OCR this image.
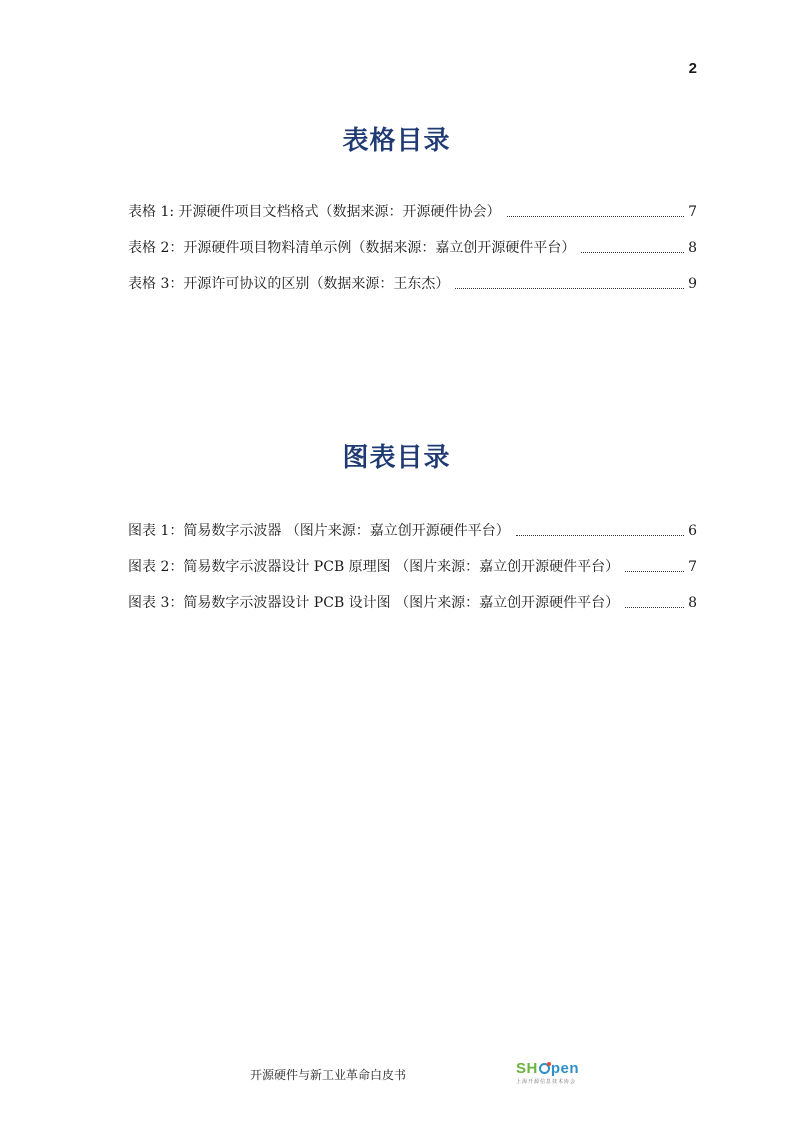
2
表格目录
表格 1: 开源硬件项目文档格式（数据来源：开源硬件协会）	7
表格 2：开源硬件项目物料清单示例（数据来源：嘉立创开源硬件平台）	8
表格 3：开源许可协议的区别（数据来源：王东杰）	9
图表目录
图表 1：简易数字示波器 （图片来源：嘉立创开源硬件平台）	6
图表 2：简易数字示波器设计 PCB 原理图 （图片来源：嘉立创开源硬件平台）	7
图表 3：简易数字示波器设计 PCB 设计图 （图片来源：嘉立创开源硬件平台）	8
开源硬件与新工业革命白皮书	SH pen
上海开源信息技术协会
